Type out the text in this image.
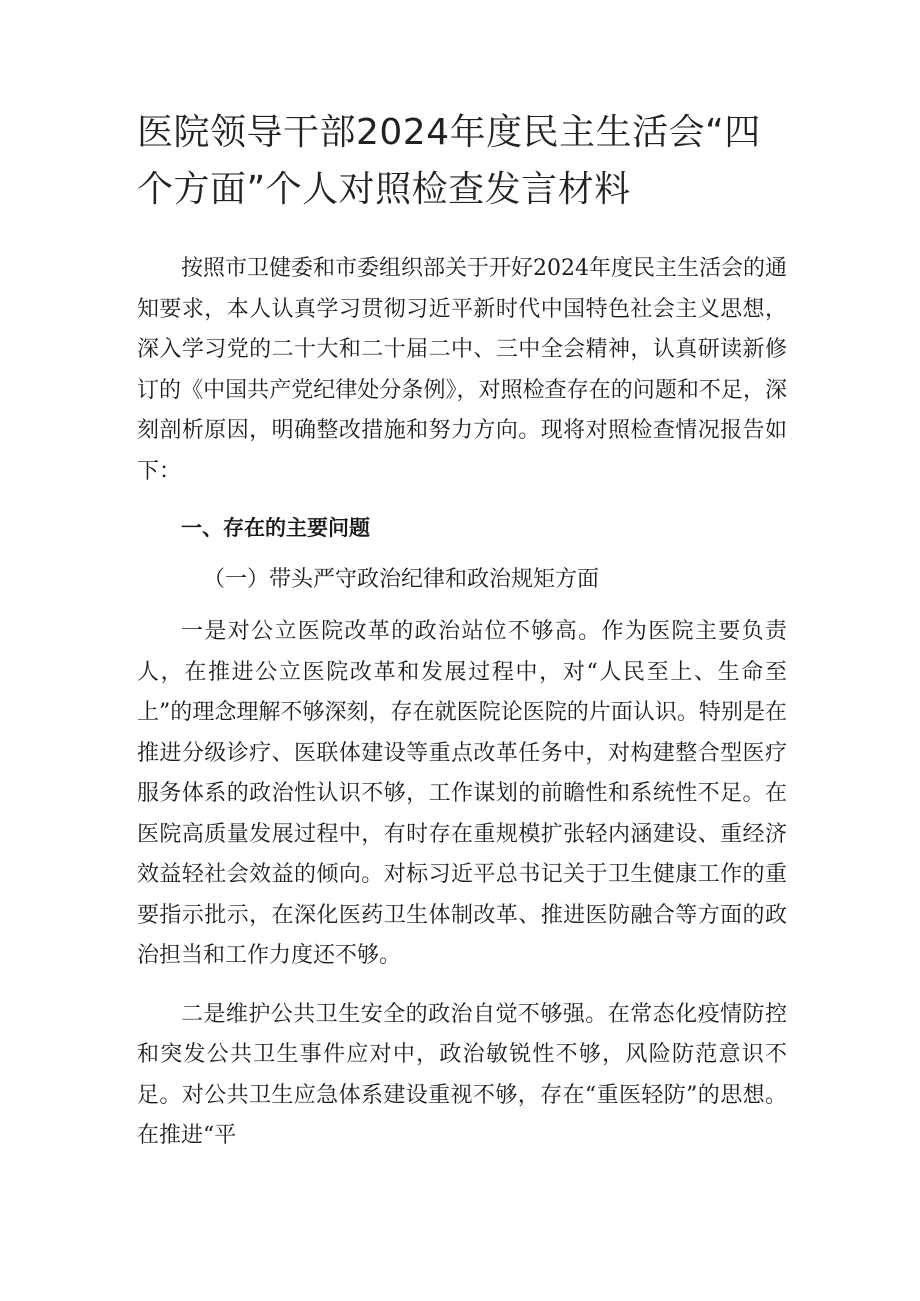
医院领导干部2024年度民主生活会“四个方面”个人对照检查发言材料

按照市卫健委和市委组织部关于开好2024年度民主生活会的通知要求，本人认真学习贯彻习近平新时代中国特色社会主义思想，深入学习党的二十大和二十届二中、三中全会精神，认真研读新修订的《中国共产党纪律处分条例》，对照检查存在的问题和不足，深刻剖析原因，明确整改措施和努力方向。现将对照检查情况报告如下：

一、存在的主要问题

（一）带头严守政治纪律和政治规矩方面

一是对公立医院改革的政治站位不够高。作为医院主要负责人，在推进公立医院改革和发展过程中，对“人民至上、生命至上”的理念理解不够深刻，存在就医院论医院的片面认识。特别是在推进分级诊疗、医联体建设等重点改革任务中，对构建整合型医疗服务体系的政治性认识不够，工作谋划的前瞻性和系统性不足。在医院高质量发展过程中，有时存在重规模扩张轻内涵建设、重经济效益轻社会效益的倾向。对标习近平总书记关于卫生健康工作的重要指示批示，在深化医药卫生体制改革、推进医防融合等方面的政治担当和工作力度还不够。

二是维护公共卫生安全的政治自觉不够强。在常态化疫情防控和突发公共卫生事件应对中，政治敏锐性不够，风险防范意识不足。对公共卫生应急体系建设重视不够，存在“重医轻防”的思想。在推进“平
